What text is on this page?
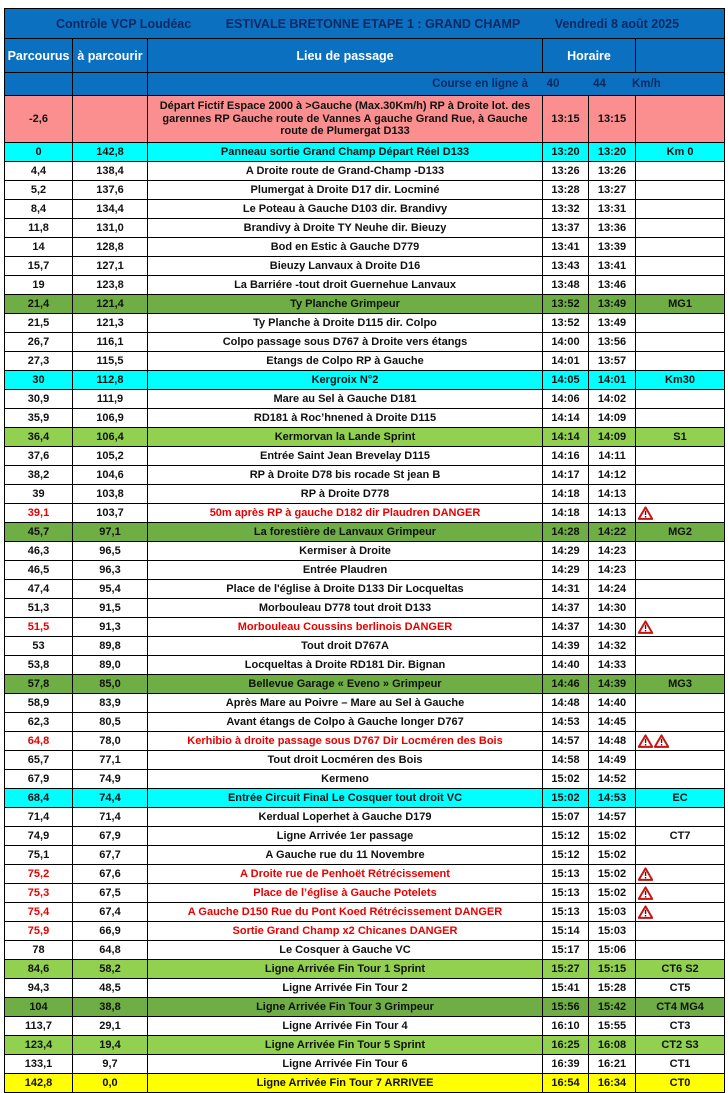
Contrôle VCP Loudéac ESTIVALE BRETONNE ETAPE 1 : GRAND CHAMP Vendredi 8 août 2025					

Parcourus	à parcourir	Lieu de passage	Horaire		

		Course en ligne à 40 44 Km/h			

-2,6		Départ Fictif Espace 2000 à >Gauche (Max.30Km/h) RP à Droite lot. des garennes RP Gauche route de Vannes A gauche Grand Rue, à Gauche route de Plumergat D133	13:15	13:15	
0	142,8	Panneau sortie Grand Champ Départ Réel D133	13:20	13:20	Km 0
4,4	138,4	A Droite route de Grand-Champ -D133	13:26	13:26	
5,2	137,6	Plumergat à Droite D17 dir. Locminé	13:28	13:27	
8,4	134,4	Le Poteau à Gauche D103 dir. Brandivy	13:32	13:31	
11,8	131,0	Brandivy à Droite TY Neuhe dir. Bieuzy	13:37	13:36	
14	128,8	Bod en Estic à Gauche D779	13:41	13:39	
15,7	127,1	Bieuzy Lanvaux à Droite D16	13:43	13:41	
19	123,8	La Barriére -tout droit Guernehue Lanvaux	13:48	13:46	
21,4	121,4	Ty Planche Grimpeur	13:52	13:49	MG1
21,5	121,3	Ty Planche à Droite D115 dir. Colpo	13:52	13:49	
26,7	116,1	Colpo passage sous D767 à Droite vers étangs	14:00	13:56	
27,3	115,5	Etangs de Colpo RP à Gauche	14:01	13:57	
30	112,8	Kergroix N°2	14:05	14:01	Km30
30,9	111,9	Mare au Sel à Gauche D181	14:06	14:02	
35,9	106,9	RD181 à Roc’hnened à Droite D115	14:14	14:09	
36,4	106,4	Kermorvan la Lande Sprint	14:14	14:09	S1
37,6	105,2	Entrée Saint Jean Brevelay D115	14:16	14:11	
38,2	104,6	RP à Droite D78 bis rocade St jean B	14:17	14:12	
39	103,8	RP à Droite D778	14:18	14:13	
39,1	103,7	50m après RP à gauche D182 dir Plaudren DANGER	14:18	14:13	

45,7	97,1	La forestière de Lanvaux Grimpeur	14:28	14:22	MG2
46,3	96,5	Kermiser à Droite	14:29	14:23	
46,5	96,3	Entrée Plaudren	14:29	14:23	
47,4	95,4	Place de l'église à Droite D133 Dir Locqueltas	14:31	14:24	
51,3	91,5	Morbouleau D778 tout droit D133	14:37	14:30	
51,5	91,3	Morbouleau Coussins berlinois DANGER	14:37	14:30	

53	89,8	Tout droit D767A	14:39	14:32	
53,8	89,0	Locqueltas à Droite RD181 Dir. Bignan	14:40	14:33	
57,8	85,0	Bellevue Garage « Eveno » Grimpeur	14:46	14:39	MG3
58,9	83,9	Après Mare au Poivre – Mare au Sel à Gauche	14:48	14:40	
62,3	80,5	Avant étangs de Colpo à Gauche longer D767	14:53	14:45	
64,8	78,0	Kerhibio à droite passage sous D767 Dir Locméren des Bois	14:57	14:48	

65,7	77,1	Tout droit Locméren des Bois	14:58	14:49	
67,9	74,9	Kermeno	15:02	14:52	
68,4	74,4	Entrée Circuit Final Le Cosquer tout droit VC	15:02	14:53	EC
71,4	71,4	Kerdual Loperhet à Gauche D179	15:07	14:57	
74,9	67,9	Ligne Arrivée 1er passage	15:12	15:02	CT7
75,1	67,7	A Gauche rue du 11 Novembre	15:12	15:02	
75,2	67,6	A Droite rue de Penhoët Rétrécissement	15:13	15:02	

75,3	67,5	Place de l’église à Gauche Potelets	15:13	15:02	

75,4	67,4	A Gauche D150 Rue du Pont Koed Rétrécissement DANGER	15:13	15:03	

75,9	66,9	Sortie Grand Champ x2 Chicanes DANGER	15:14	15:03	
78	64,8	Le Cosquer à Gauche VC	15:17	15:06	
84,6	58,2	Ligne Arrivée Fin Tour 1 Sprint	15:27	15:15	CT6 S2
94,3	48,5	Ligne Arrivée Fin Tour 2	15:41	15:28	CT5
104	38,8	Ligne Arrivée Fin Tour 3 Grimpeur	15:56	15:42	CT4 MG4
113,7	29,1	Ligne Arrivée Fin Tour 4	16:10	15:55	CT3
123,4	19,4	Ligne Arrivée Fin Tour 5 Sprint	16:25	16:08	CT2 S3
133,1	9,7	Ligne Arrivée Fin Tour 6	16:39	16:21	CT1
142,8	0,0	Ligne Arrivée Fin Tour 7 ARRIVEE	16:54	16:34	CT0
